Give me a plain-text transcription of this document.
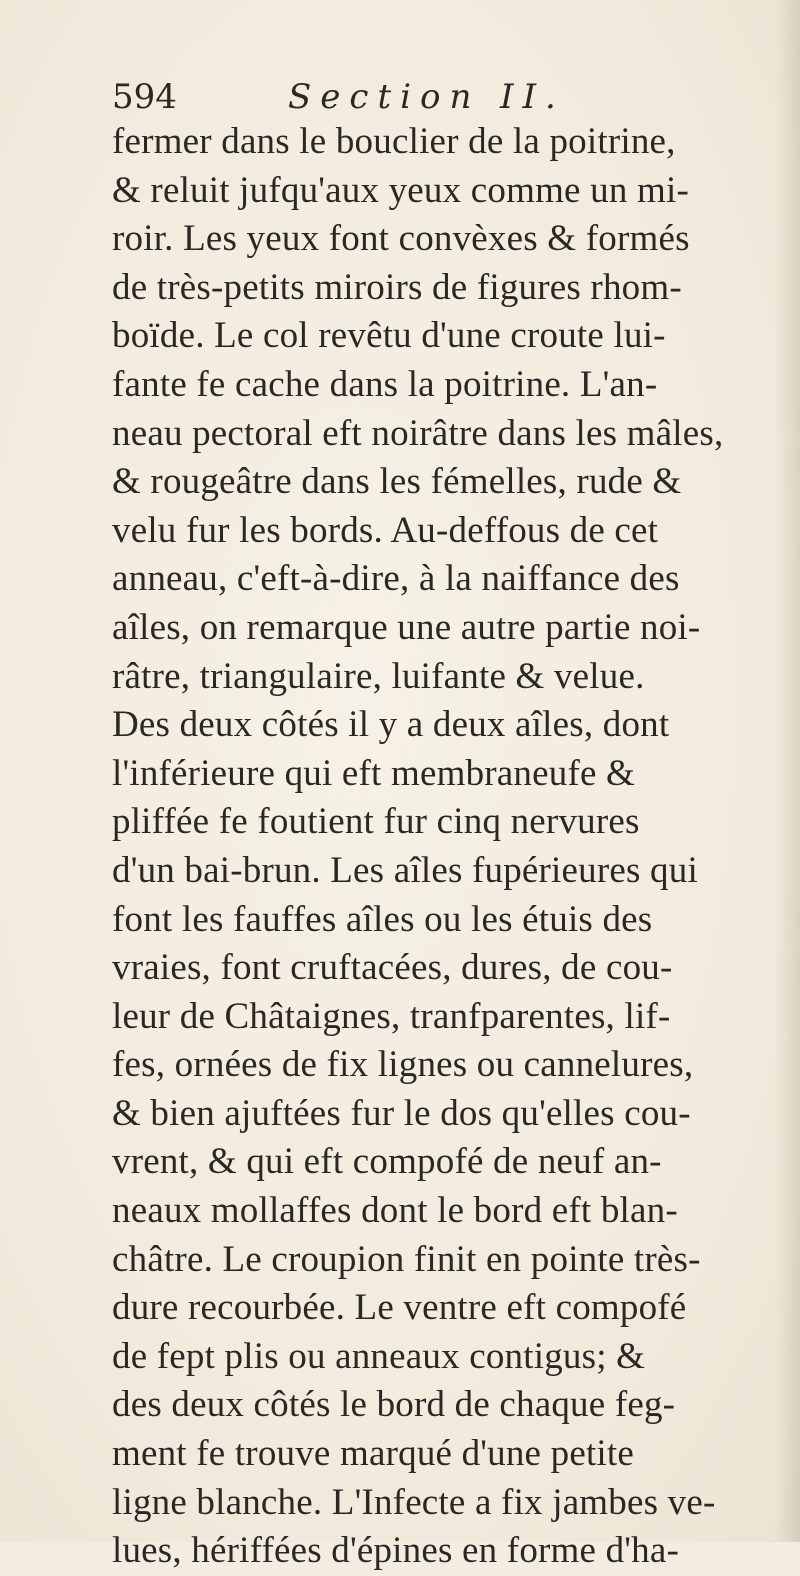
594	Section II.
fermer dans le bouclier de la poitrine,
& reluit jufqu'aux yeux comme un mi-
roir. Les yeux font convèxes & formés
de très-petits miroirs de figures rhom-
boïde. Le col revêtu d'une croute lui-
fante fe cache dans la poitrine. L'an-
neau pectoral eft noirâtre dans les mâles,
& rougeâtre dans les fémelles, rude &
velu fur les bords. Au-deffous de cet
anneau, c'eft-à-dire, à la naiffance des
aîles, on remarque une autre partie noi-
râtre, triangulaire, luifante & velue.
Des deux côtés il y a deux aîles, dont
l'inférieure qui eft membraneufe &
pliffée fe foutient fur cinq nervures
d'un bai-brun. Les aîles fupérieures qui
font les fauffes aîles ou les étuis des
vraies, font cruftacées, dures, de cou-
leur de Châtaignes, tranfparentes, lif-
fes, ornées de fix lignes ou cannelures,
& bien ajuftées fur le dos qu'elles cou-
vrent, & qui eft compofé de neuf an-
neaux mollaffes dont le bord eft blan-
châtre. Le croupion finit en pointe très-
dure recourbée. Le ventre eft compofé
de fept plis ou anneaux contigus; &
des deux côtés le bord de chaque feg-
ment fe trouve marqué d'une petite
ligne blanche. L'Infecte a fix jambes ve-
lues, hériffées d'épines en forme d'ha-
